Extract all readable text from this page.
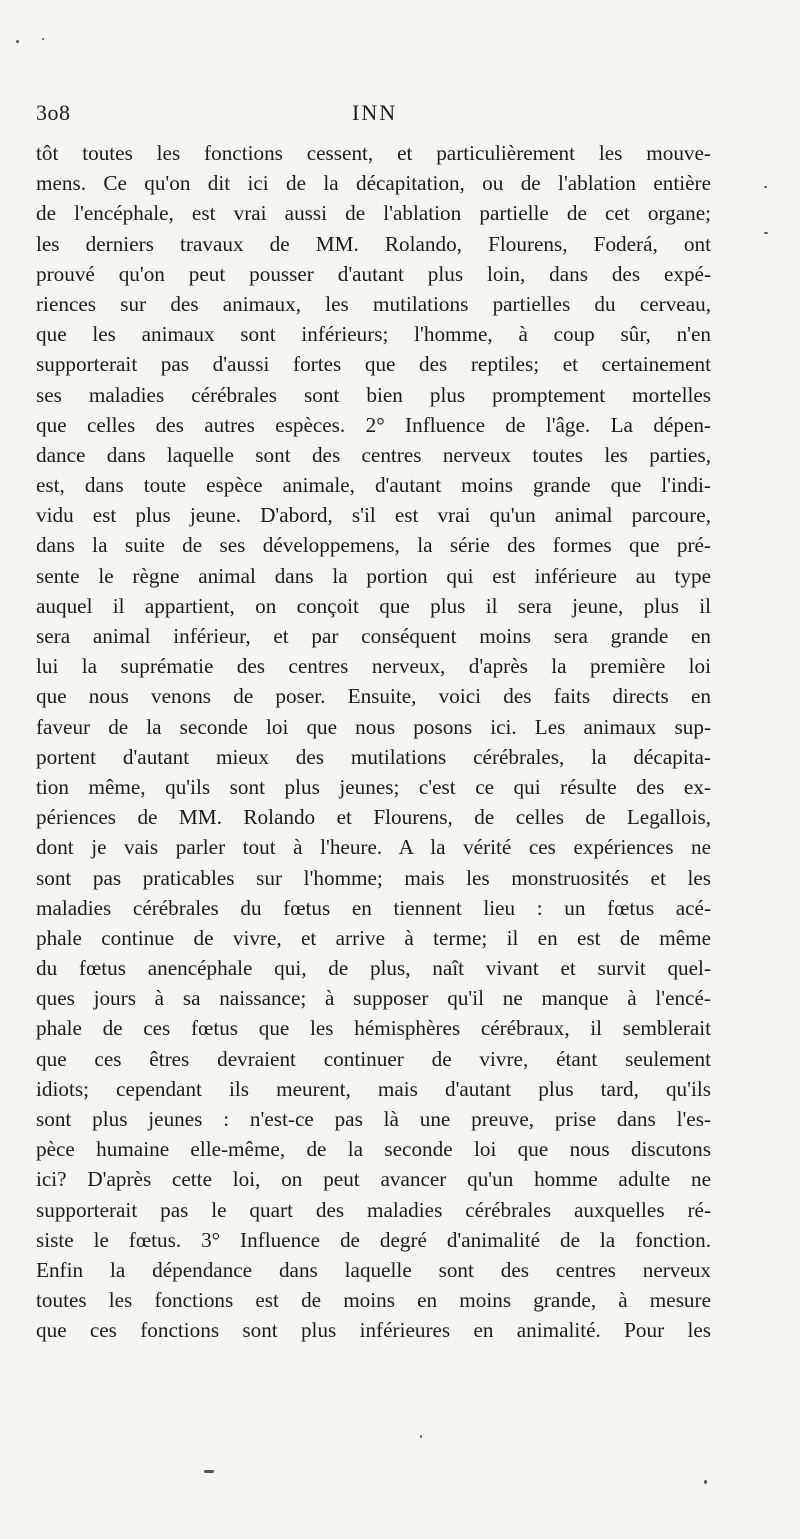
3o8	INN
tôt toutes les fonctions cessent, et particulièrement les mouve-
mens. Ce qu'on dit ici de la décapitation, ou de l'ablation entière
de l'encéphale, est vrai aussi de l'ablation partielle de cet organe;
les derniers travaux de MM. Rolando, Flourens, Foderá, ont
prouvé qu'on peut pousser d'autant plus loin, dans des expé-
riences sur des animaux, les mutilations partielles du cerveau,
que les animaux sont inférieurs; l'homme, à coup sûr, n'en
supporterait pas d'aussi fortes que des reptiles; et certainement
ses maladies cérébrales sont bien plus promptement mortelles
que celles des autres espèces. 2° Influence de l'âge. La dépen-
dance dans laquelle sont des centres nerveux toutes les parties,
est, dans toute espèce animale, d'autant moins grande que l'indi-
vidu est plus jeune. D'abord, s'il est vrai qu'un animal parcoure,
dans la suite de ses développemens, la série des formes que pré-
sente le règne animal dans la portion qui est inférieure au type
auquel il appartient, on conçoit que plus il sera jeune, plus il
sera animal inférieur, et par conséquent moins sera grande en
lui la suprématie des centres nerveux, d'après la première loi
que nous venons de poser. Ensuite, voici des faits directs en
faveur de la seconde loi que nous posons ici. Les animaux sup-
portent d'autant mieux des mutilations cérébrales, la décapita-
tion même, qu'ils sont plus jeunes; c'est ce qui résulte des ex-
périences de MM. Rolando et Flourens, de celles de Legallois,
dont je vais parler tout à l'heure. A la vérité ces expériences ne
sont pas praticables sur l'homme; mais les monstruosités et les
maladies cérébrales du fœtus en tiennent lieu : un fœtus acé-
phale continue de vivre, et arrive à terme; il en est de même
du fœtus anencéphale qui, de plus, naît vivant et survit quel-
ques jours à sa naissance; à supposer qu'il ne manque à l'encé-
phale de ces fœtus que les hémisphères cérébraux, il semblerait
que ces êtres devraient continuer de vivre, étant seulement
idiots; cependant ils meurent, mais d'autant plus tard, qu'ils
sont plus jeunes : n'est-ce pas là une preuve, prise dans l'es-
pèce humaine elle-même, de la seconde loi que nous discutons
ici? D'après cette loi, on peut avancer qu'un homme adulte ne
supporterait pas le quart des maladies cérébrales auxquelles ré-
siste le fœtus. 3° Influence de degré d'animalité de la fonction.
Enfin la dépendance dans laquelle sont des centres nerveux
toutes les fonctions est de moins en moins grande, à mesure
que ces fonctions sont plus inférieures en animalité. Pour les
